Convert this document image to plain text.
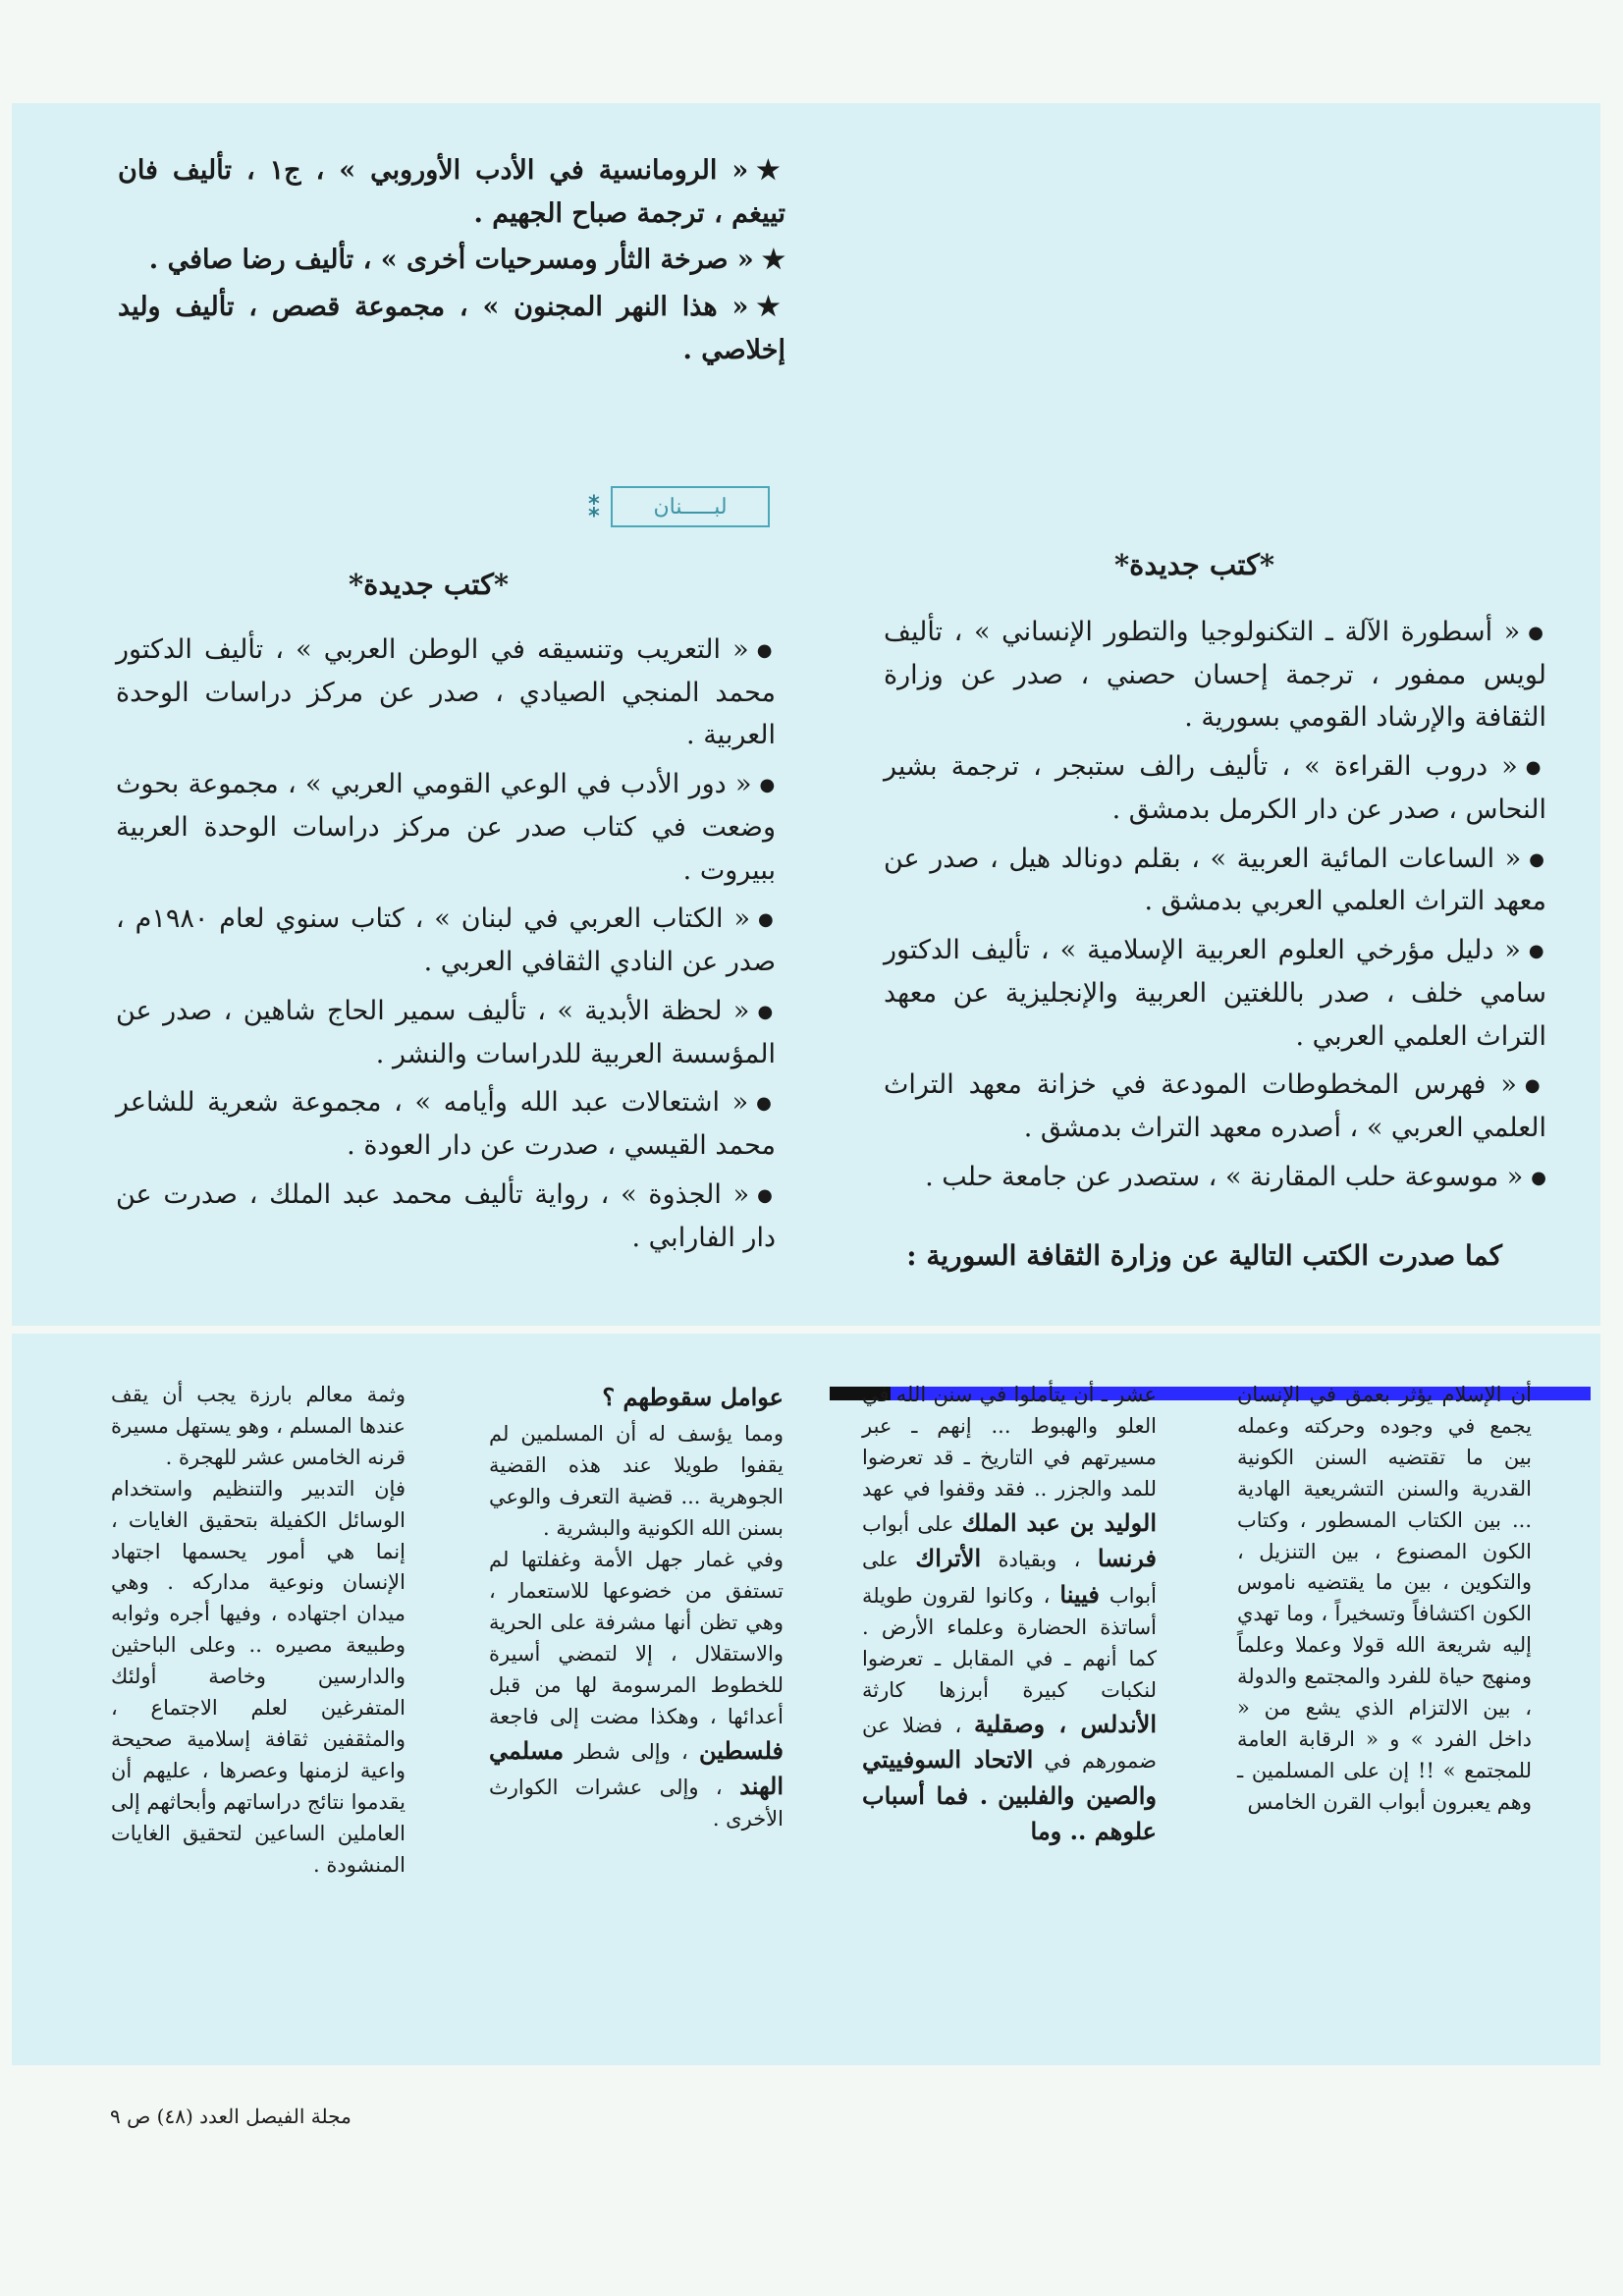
★« الرومانسية في الأدب الأوروبي » ، ج١ ، تأليف فان تييغم ، ترجمة صباح الجهيم .
★« صرخة الثأر ومسرحيات أخرى » ، تأليف رضا صافي .
★« هذا النهر المجنون » ، مجموعة قصص ، تأليف وليد إخلاصي .
لبـــــنان
⁑
*كتب جديدة*
*كتب جديدة*

●« التعريب وتنسيقه في الوطن العربي » ، تأليف الدكتور محمد المنجي الصيادي ، صدر عن مركز دراسات الوحدة العربية .

●« دور الأدب في الوعي القومي العربي » ، مجموعة بحوث وضعت في كتاب صدر عن مركز دراسات الوحدة العربية ببيروت .

●« الكتاب العربي في لبنان » ، كتاب سنوي لعام ١٩٨٠م ، صدر عن النادي الثقافي العربي .

●« لحظة الأبدية » ، تأليف سمير الحاج شاهين ، صدر عن المؤسسة العربية للدراسات والنشر .

●« اشتعالات عبد الله وأيامه » ، مجموعة شعرية للشاعر محمد القيسي ، صدرت عن دار العودة .

●« الجذوة » ، رواية تأليف محمد عبد الملك ، صدرت عن دار الفارابي .

●« أسطورة الآلة ـ التكنولوجيا والتطور الإنساني » ، تأليف لويس ممفور ، ترجمة إحسان حصني ، صدر عن وزارة الثقافة والإرشاد القومي بسورية .

●« دروب القراءة » ، تأليف رالف ستبجر ، ترجمة بشير النحاس ، صدر عن دار الكرمل بدمشق .

●« الساعات المائية العربية » ، بقلم دونالد هيل ، صدر عن معهد التراث العلمي العربي بدمشق .

●« دليل مؤرخي العلوم العربية الإسلامية » ، تأليف الدكتور سامي خلف ، صدر باللغتين العربية والإنجليزية عن معهد التراث العلمي العربي .

●« فهرس المخطوطات المودعة في خزانة معهد التراث العلمي العربي » ، أصدره معهد التراث بدمشق .

●« موسوعة حلب المقارنة » ، ستصدر عن جامعة حلب .

كما صدرت الكتب التالية عن وزارة الثقافة السورية :

أن الإسلام يؤثر بعمق في الإنسان يجمع في وجوده وحركته وعمله بين ما تقتضيه السنن الكونية القدرية والسنن التشريعية الهادية ... بين الكتاب المسطور ، وكتاب الكون المصنوع ، بين التنزيل ، والتكوين ، بين ما يقتضيه ناموس الكون اكتشافاً وتسخيراً ، وما تهدي إليه شريعة الله قولا وعملا وعلماً ومنهج حياة للفرد والمجتمع والدولة ، بين الالتزام الذي يشع من « داخل الفرد » و « الرقابة العامة للمجتمع » !! إن على المسلمين ـ وهم يعبرون أبواب القرن الخامس

عشر ـ أن يتأملوا في سنن الله في العلو والهبوط ... إنهم ـ عبر مسيرتهم في التاريخ ـ قد تعرضوا للمد والجزر .. فقد وقفوا في عهد الوليد بن عبد الملك على أبواب فرنسا ، وبقيادة الأتراك على أبواب فيينا ، وكانوا لقرون طويلة أساتذة الحضارة وعلماء الأرض . كما أنهم ـ في المقابل ـ تعرضوا لنكبات كبيرة أبرزها كارثة الأندلس ، وصقلية ، فضلا عن ضمورهم في الاتحاد السوفييتي والصين والفلبين . فما أسباب علوهم .. وما

عوامل سقوطهم ؟

ومما يؤسف له أن المسلمين لم يقفوا طويلا عند هذه القضية الجوهرية ... قضية التعرف والوعي بسنن الله الكونية والبشرية .

وفي غمار جهل الأمة وغفلتها لم تستفق من خضوعها للاستعمار ، وهي تظن أنها مشرفة على الحرية والاستقلال ، إلا لتمضي أسيرة للخطوط المرسومة لها من قبل أعدائها ، وهكذا مضت إلى فاجعة فلسطين ، وإلى شطر مسلمي الهند ، وإلى عشرات الكوارث الأخرى .

وثمة معالم بارزة يجب أن يقف عندها المسلم ، وهو يستهل مسيرة قرنه الخامس عشر للهجرة .

فإن التدبير والتنظيم واستخدام الوسائل الكفيلة بتحقيق الغايات ، إنما هي أمور يحسمها اجتهاد الإنسان ونوعية مداركه . وهي ميدان اجتهاده ، وفيها أجره وثوابه وطبيعة مصيره .. وعلى الباحثين والدارسين وخاصة أولئك المتفرغين لعلم الاجتماع ، والمثقفين ثقافة إسلامية صحيحة واعية لزمنها وعصرها ، عليهم أن يقدموا نتائج دراساتهم وأبحاثهم إلى العاملين الساعين لتحقيق الغايات المنشودة .

مجلة الفيصل العدد (٤٨) ص ٩
